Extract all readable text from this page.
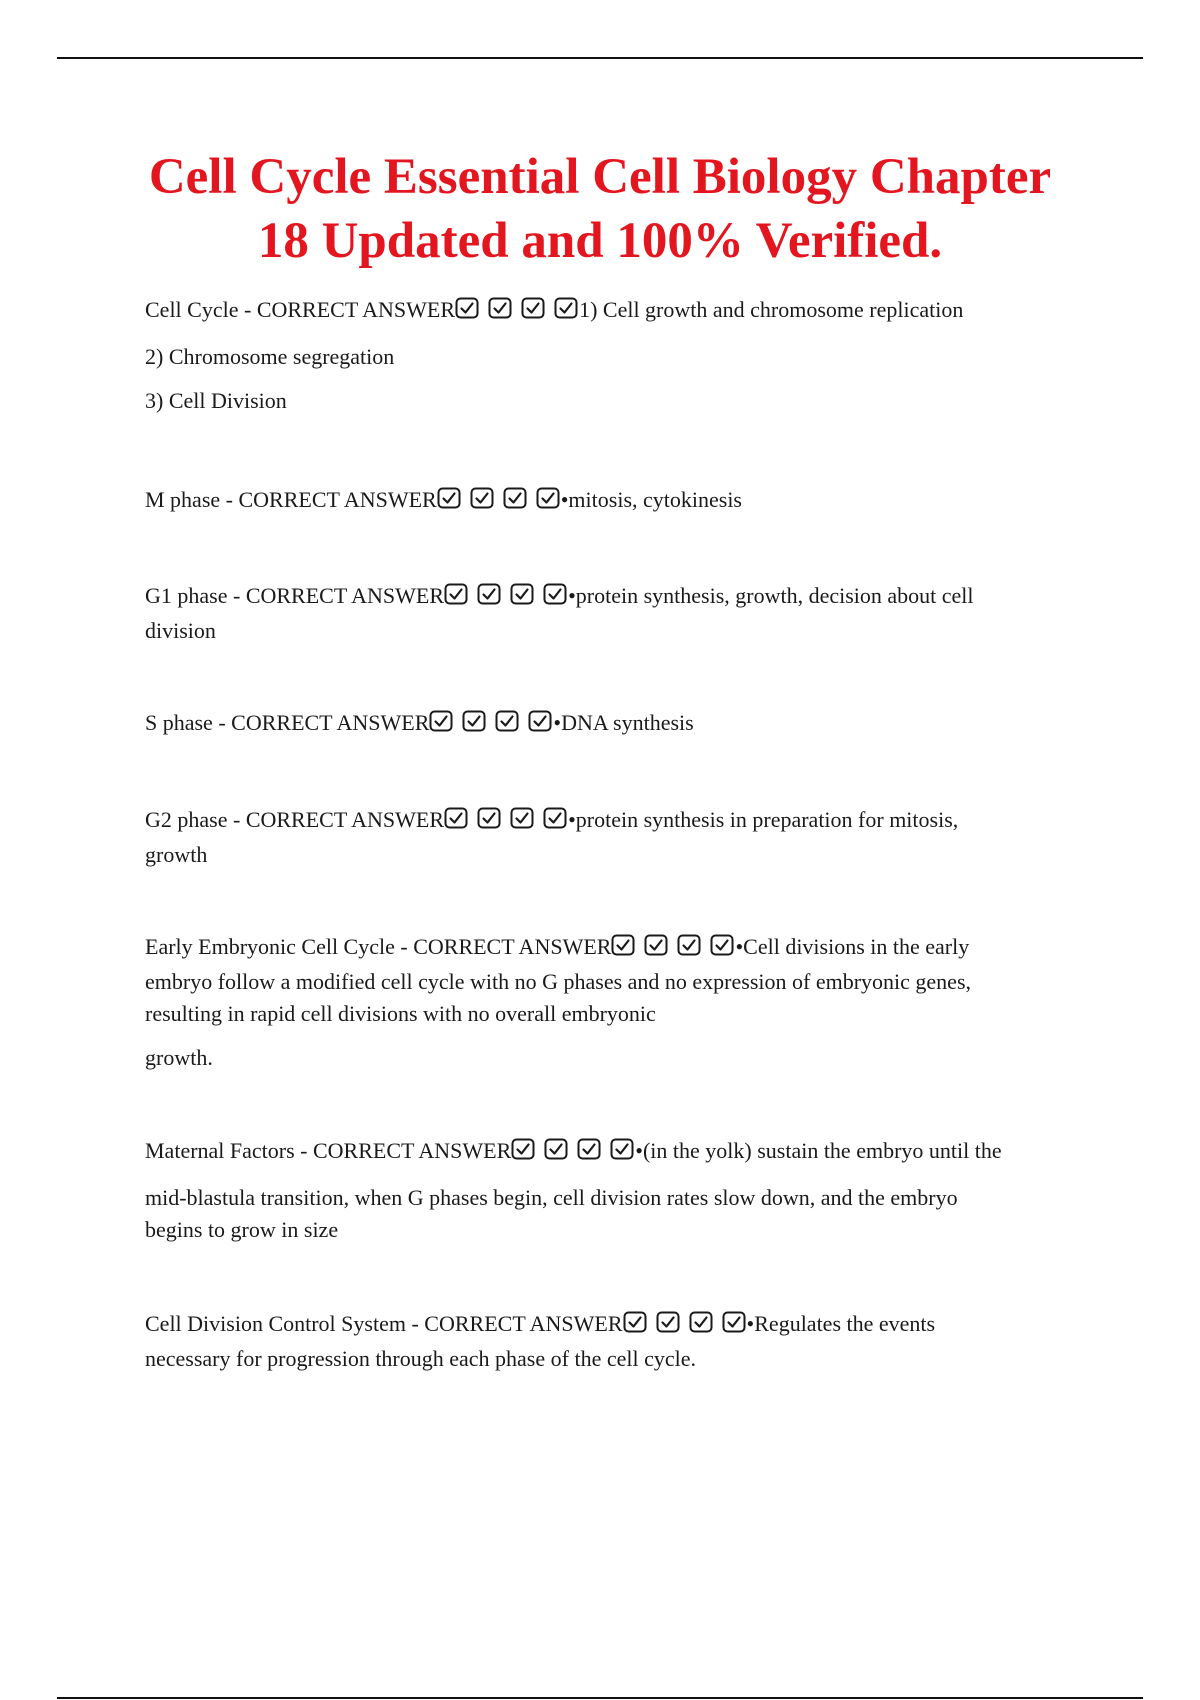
Cell Cycle Essential Cell Biology Chapter
18 Updated and 100% Verified.
Cell Cycle - CORRECT ANSWER	1) Cell growth and chromosome replication
2) Chromosome segregation
3) Cell Division
M phase - CORRECT ANSWER	•mitosis, cytokinesis
G1 phase - CORRECT ANSWER	•protein synthesis, growth, decision about cell
division
S phase - CORRECT ANSWER	•DNA synthesis
G2 phase - CORRECT ANSWER	•protein synthesis in preparation for mitosis,
growth
Early Embryonic Cell Cycle - CORRECT ANSWER	•Cell divisions in the early
embryo follow a modified cell cycle with no G phases and no expression of embryonic genes,
resulting in rapid cell divisions with no overall embryonic
growth.
Maternal Factors - CORRECT ANSWER	•(in the yolk) sustain the embryo until the
mid-blastula transition, when G phases begin, cell division rates slow down, and the embryo
begins to grow in size
Cell Division Control System - CORRECT ANSWER	•Regulates the events
necessary for progression through each phase of the cell cycle.
